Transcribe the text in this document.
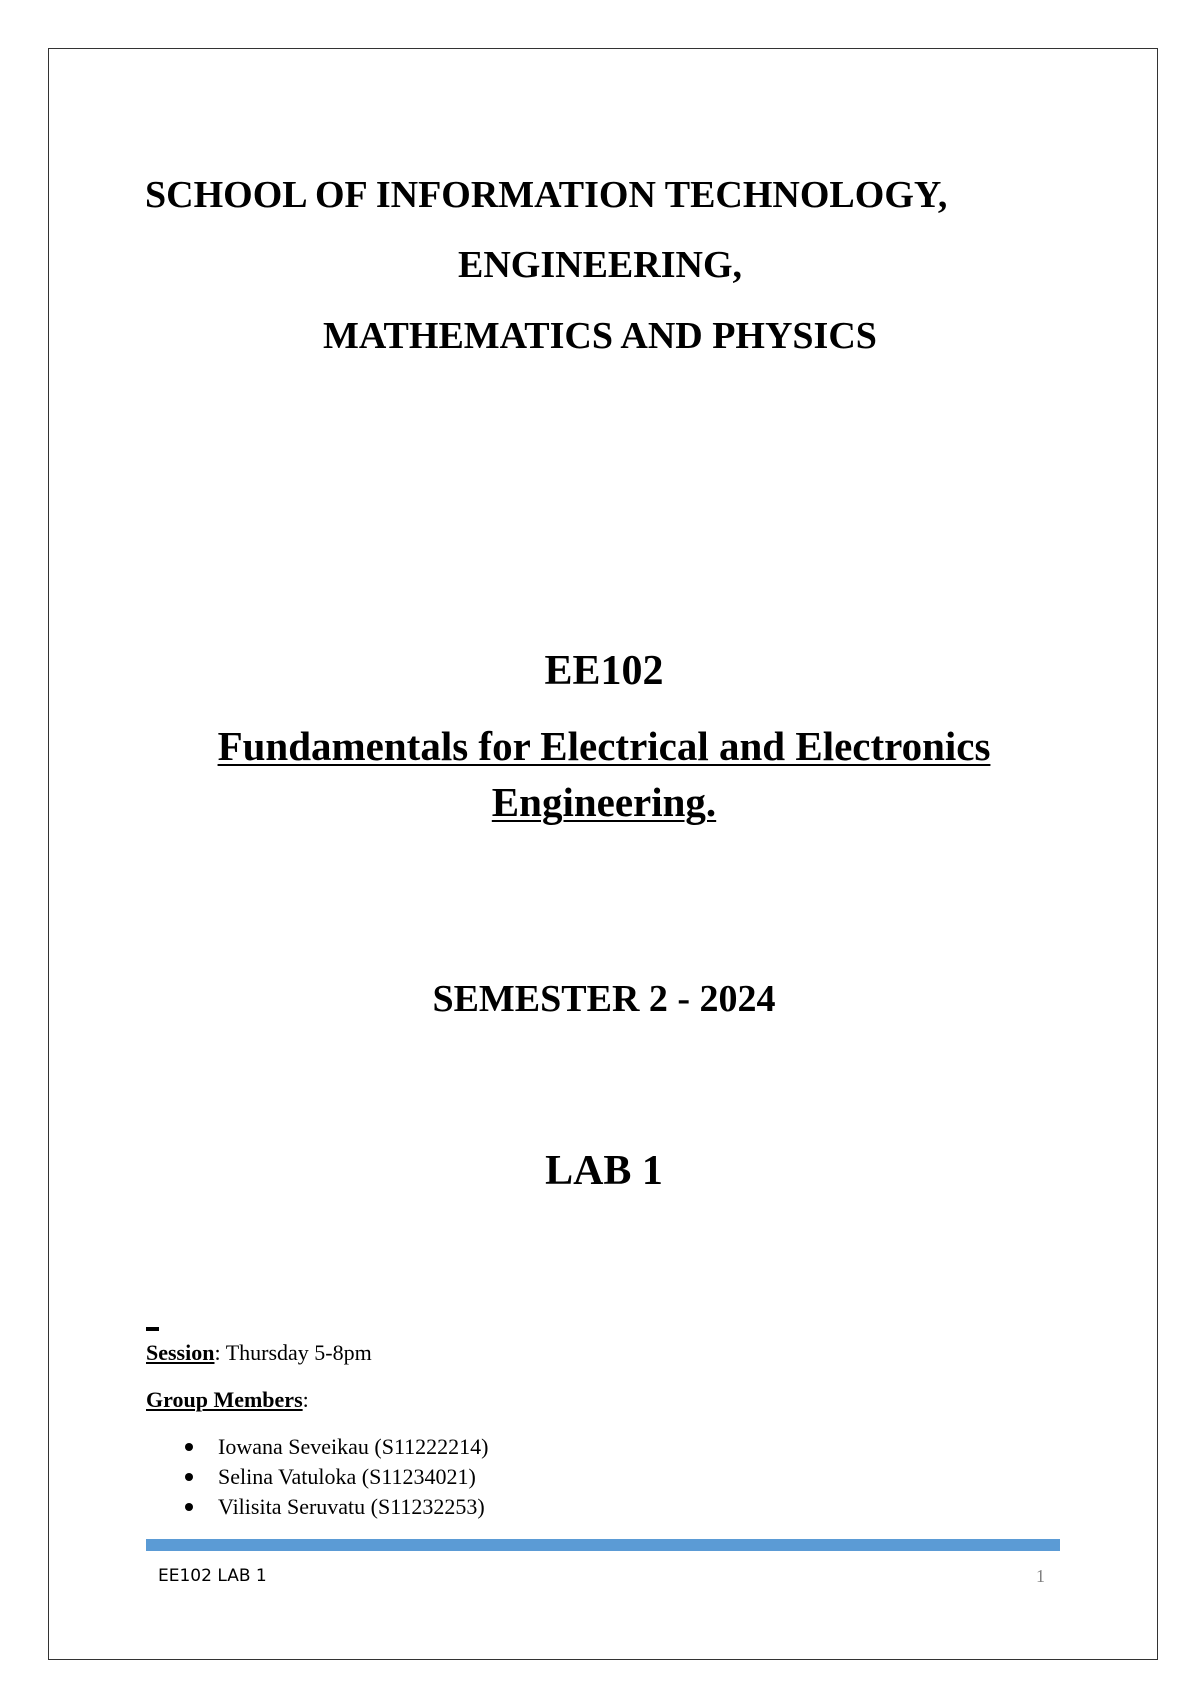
SCHOOL OF INFORMATION TECHNOLOGY,
ENGINEERING,
MATHEMATICS AND PHYSICS
EE102
Fundamentals for Electrical and Electronics
Engineering.
SEMESTER 2 - 2024
LAB 1
Session: Thursday 5-8pm
Group Members:
Iowana Seveikau (S11222214)
Selina Vatuloka (S11234021)
Vilisita Seruvatu (S11232253)
EE102 LAB 1	1
